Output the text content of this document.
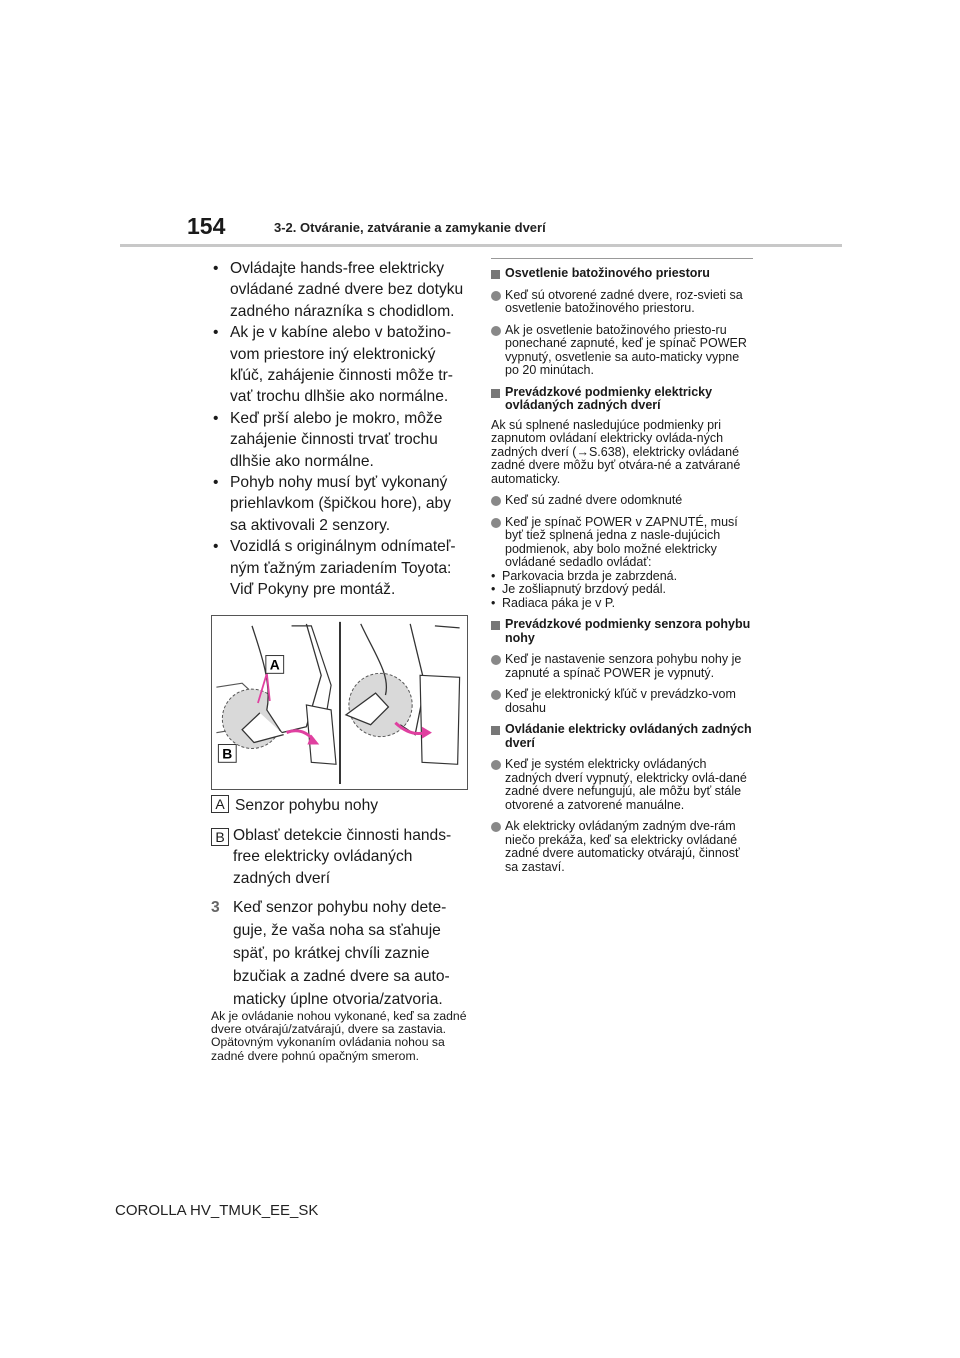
154	3-2. Otváranie, zatváranie a zamykanie dverí
• Ovládajte hands-free elektricky ovládané zadné dvere bez dotyku zadného nárazníka s chodidlom.
• Ak je v kabíne alebo v batožino-vom priestore iný elektronický kľúč, zahájenie činnosti môže tr-vať trochu dlhšie ako normálne.
• Keď prší alebo je mokro, môže zahájenie činnosti trvať trochu dlhšie ako normálne.
• Pohyb nohy musí byť vykonaný priehlavkom (špičkou hore), aby sa aktivovali 2 senzory.
• Vozidlá s originálnym odnímateľ-ným ťažným zariadením Toyota: Viď Pokyny pre montáž.
A
B
A Senzor pohybu nohy
B Oblasť detekcie činnosti hands-free elektricky ovládaných zadných dverí
3 Keď senzor pohybu nohy dete-guje, že vaša noha sa sťahuje späť, po krátkej chvíli zaznie bzučiak a zadné dvere sa auto-maticky úplne otvoria/zatvoria.
Ak je ovládanie nohou vykonané, keď sa zadné dvere otvárajú/zatvárajú, dvere sa zastavia. Opätovným vykonaním ovládania nohou sa zadné dvere pohnú opačným smerom.
Osvetlenie batožinového priestoru
Keď sú otvorené zadné dvere, roz-svieti sa osvetlenie batožinového priestoru.
Ak je osvetlenie batožinového priesto-ru ponechané zapnuté, keď je spínač POWER vypnutý, osvetlenie sa auto-maticky vypne po 20 minútach.
Prevádzkové podmienky elektricky ovládaných zadných dverí
Ak sú splnené nasledujúce podmienky pri zapnutom ovládaní elektricky ovláda-ných zadných dverí (→S.638), elektricky ovládané zadné dvere môžu byť otvára-né a zatvárané automaticky.
Keď sú zadné dvere odomknuté
Keď je spínač POWER v ZAPNUTÉ, musí byť tiež splnená jedna z nasle-dujúcich podmienok, aby bolo možné elektricky ovládané sedadlo ovládať:
• Parkovacia brzda je zabrzdená.
• Je zošliapnutý brzdový pedál.
• Radiaca páka je v P.
Prevádzkové podmienky senzora pohybu nohy
Keď je nastavenie senzora pohybu nohy je zapnuté a spínač POWER je vypnutý.
Keď je elektronický kľúč v prevádzko-vom dosahu
Ovládanie elektricky ovládaných zadných dverí
Keď je systém elektricky ovládaných zadných dverí vypnutý, elektricky ovlá-dané zadné dvere nefungujú, ale môžu byť stále otvorené a zatvorené manuálne.
Ak elektricky ovládaným zadným dve-rám niečo prekáža, keď sa elektricky ovládané zadné dvere automaticky otvárajú, činnosť sa zastaví.
COROLLA HV_TMUK_EE_SK
